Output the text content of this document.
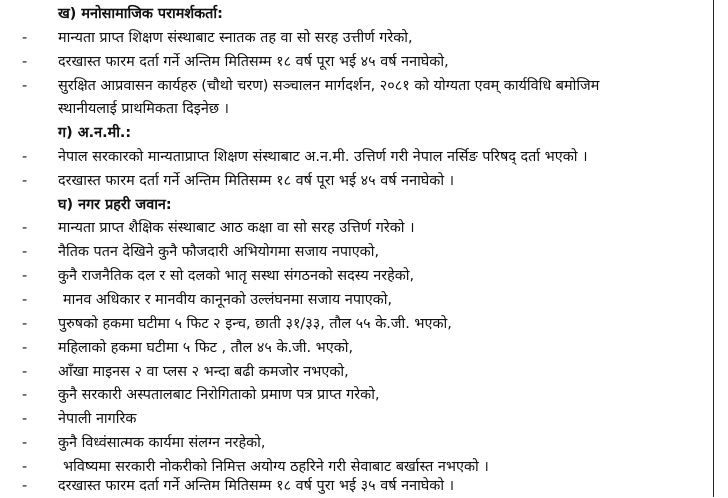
ख) मनोसामाजिक परामर्शकर्ता:
- मान्यता प्राप्त शिक्षण संस्थाबाट स्नातक तह वा सो सरह उत्तीर्ण गरेको,
- दरखास्त फारम दर्ता गर्ने अन्तिम मितिसम्म १८ वर्ष पूरा भई ४५ वर्ष ननाघेको,
- सुरक्षित आप्रवासन कार्यहरु (चौथो चरण) सञ्चालन मार्गदर्शन, २०८१ को योग्यता एवम् कार्यविधि बमोजिम
स्थानीयलाई प्राथमिकता दिइनेछ ।
ग) अ.न.मी.:
- नेपाल सरकारको मान्यताप्राप्त शिक्षण संस्थाबाट अ.न.मी. उत्तिर्ण गरी नेपाल नर्सिङ परिषद् दर्ता भएको ।
- दरखास्त फारम दर्ता गर्ने अन्तिम मितिसम्म १८ वर्ष पूरा भई ४५ वर्ष ननाघेको ।
घ) नगर प्रहरी जवान:
- मान्यता प्राप्त शैक्षिक संस्थाबाट आठ कक्षा वा सो सरह उत्तिर्ण गरेको ।
- नैतिक पतन देखिने कुनै फौजदारी अभियोगमा सजाय नपाएको,
- कुनै राजनैतिक दल र सो दलको भातृ सस्था संगठनको सदस्य नरहेको,
- मानव अधिकार र मानवीय कानूनको उल्लंघनमा सजाय नपाएको,
- पुरुषको हकमा घटीमा ५ फिट २ इन्च, छाती ३१/३३, तौल ५५ के.जी. भएको,
- महिलाको हकमा घटीमा ५ फिट , तौल ४५ के.जी. भएको,
- आँखा माइनस २ वा प्लस २ भन्दा बढी कमजोर नभएको,
- कुनै सरकारी अस्पतालबाट निरोगिताको प्रमाण पत्र प्राप्त गरेको,
- नेपाली नागरिक
- कुनै विध्वंसात्मक कार्यमा संलग्न नरहेको,
- भविष्यमा सरकारी नोकरीको निमित्त अयोग्य ठहरिने गरी सेवाबाट बर्खास्त नभएको ।
- दरखास्त फारम दर्ता गर्ने अन्तिम मितिसम्म १८ वर्ष पुरा भई ३५ वर्ष ननाघेको ।
